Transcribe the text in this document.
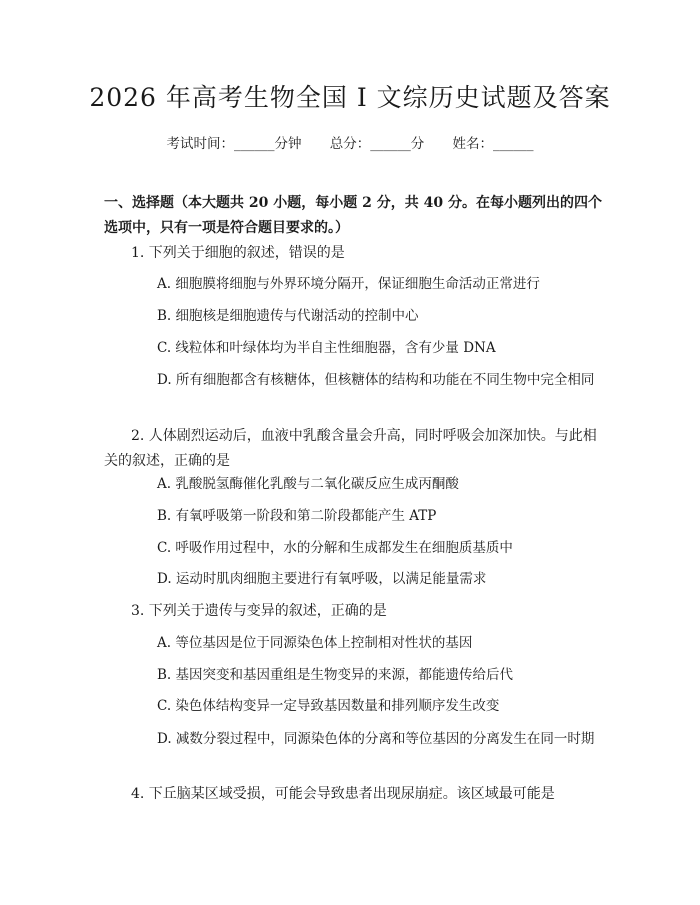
2026 年高考生物全国 I 文综历史试题及答案
考试时间：______分钟 总分：______分 姓名：______
一、选择题（本大题共 20 小题，每小题 2 分，共 40 分。在每小题列出的四个选项中，只有一项是符合题目要求的。）
1. 下列关于细胞的叙述，错误的是
A. 细胞膜将细胞与外界环境分隔开，保证细胞生命活动正常进行
B. 细胞核是细胞遗传与代谢活动的控制中心
C. 线粒体和叶绿体均为半自主性细胞器，含有少量 DNA
D. 所有细胞都含有核糖体，但核糖体的结构和功能在不同生物中完全相同
2. 人体剧烈运动后，血液中乳酸含量会升高，同时呼吸会加深加快。与此相关的叙述，正确的是
A. 乳酸脱氢酶催化乳酸与二氧化碳反应生成丙酮酸
B. 有氧呼吸第一阶段和第二阶段都能产生 ATP
C. 呼吸作用过程中，水的分解和生成都发生在细胞质基质中
D. 运动时肌肉细胞主要进行有氧呼吸，以满足能量需求
3. 下列关于遗传与变异的叙述，正确的是
A. 等位基因是位于同源染色体上控制相对性状的基因
B. 基因突变和基因重组是生物变异的来源，都能遗传给后代
C. 染色体结构变异一定导致基因数量和排列顺序发生改变
D. 减数分裂过程中，同源染色体的分离和等位基因的分离发生在同一时期
4. 下丘脑某区域受损，可能会导致患者出现尿崩症。该区域最可能是
